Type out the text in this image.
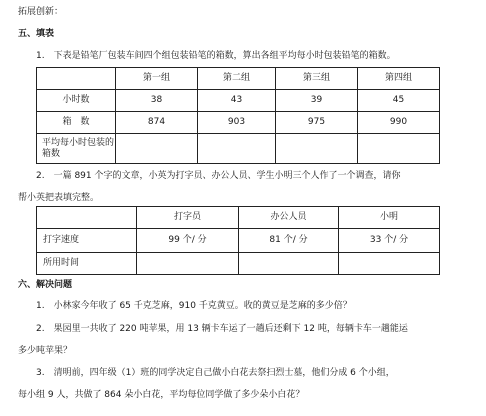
拓展创新：
五、填表
1.　下表是铅笔厂包装车间四个组包装铅笔的箱数，算出各组平均每小时包装铅笔的箱数。
	第一组	第二组	第三组	第四组
小时数	38	43	39	45
箱　数	874	903	975	990
平均每小时包装的箱数				
2.　一篇 891 个字的文章，小英为打字员、办公人员、学生小明三个人作了一个调查，请你
帮小英把表填完整。
	打字员	办公人员	小明
打字速度	99 个/ 分	81 个/ 分	33 个/ 分
所用时间			
六、解决问题
1.　小林家今年收了 65 千克芝麻，910 千克黄豆。收的黄豆是芝麻的多少倍？
2.　果园里一共收了 220 吨苹果，用 13 辆卡车运了一趟后还剩下 12 吨，每辆卡车一趟能运
多少吨苹果？
3.　清明前，四年级（1）班的同学决定自己做小白花去祭扫烈士墓，他们分成 6 个小组，
每小组 9 人，共做了 864 朵小白花，平均每位同学做了多少朵小白花？
